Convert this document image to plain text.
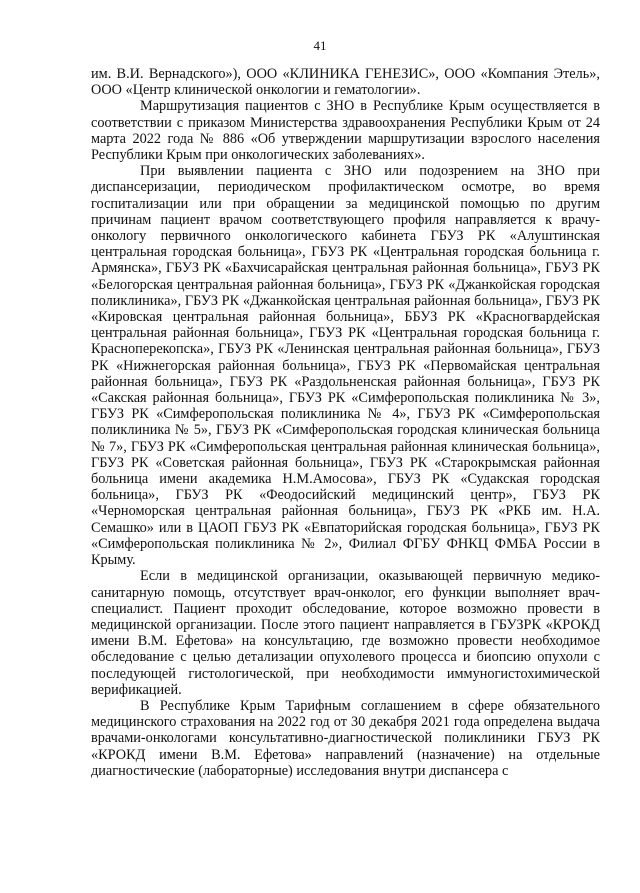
41

им. В.И. Вернадского»), ООО «КЛИНИКА ГЕНЕЗИС», ООО «Компания Этель», ООО «Центр клинической онкологии и гематологии».

Маршрутизация пациентов с ЗНО в Республике Крым осуществляется в соответствии с приказом Министерства здравоохранения Республики Крым от 24 марта 2022 года № 886 «Об утверждении маршрутизации взрослого населения Республики Крым при онкологических заболеваниях».

При выявлении пациента с ЗНО или подозрением на ЗНО при диспансеризации, периодическом профилактическом осмотре, во время госпитализации или при обращении за медицинской помощью по другим причинам пациент врачом соответствующего профиля направляется к врачу-онкологу первичного онкологического кабинета ГБУЗ РК «Алуштинская центральная городская больница», ГБУЗ РК «Центральная городская больница г. Армянска», ГБУЗ РК «Бахчисарайская центральная районная больница», ГБУЗ РК «Белогорская центральная районная больница», ГБУЗ РК «Джанкойская городская поликлиника», ГБУЗ РК «Джанкойская центральная районная больница», ГБУЗ РК «Кировская центральная районная больница», ББУЗ РК «Красногвардейская центральная районная больница», ГБУЗ РК «Центральная городская больница г. Красноперекопска», ГБУЗ РК «Ленинская центральная районная больница», ГБУЗ РК «Нижнегорская районная больница», ГБУЗ РК «Первомайская центральная районная больница», ГБУЗ РК «Раздольненская районная больница», ГБУЗ РК «Сакская районная больница», ГБУЗ РК «Симферопольская поликлиника № 3», ГБУЗ РК «Симферопольская поликлиника № 4», ГБУЗ РК «Симферопольская поликлиника № 5», ГБУЗ РК «Симферопольская городская клиническая больница № 7», ГБУЗ РК «Симферопольская центральная районная клиническая больница», ГБУЗ РК «Советская районная больница», ГБУЗ РК «Старокрымская районная больница имени академика Н.М.Амосова», ГБУЗ РК «Судакская городская больница», ГБУЗ РК «Феодосийский медицинский центр», ГБУЗ РК «Черноморская центральная районная больница», ГБУЗ РК «РКБ им. Н.А. Семашко» или в ЦАОП ГБУЗ РК «Евпаторийская городская больница», ГБУЗ РК «Симферопольская поликлиника № 2», Филиал ФГБУ ФНКЦ ФМБА России в Крыму.

Если в медицинской организации, оказывающей первичную медико-санитарную помощь, отсутствует врач-онколог, его функции выполняет врач-специалист. Пациент проходит обследование, которое возможно провести в медицинской организации. После этого пациент направляется в ГБУЗРК «КРОКД имени В.М. Ефетова» на консультацию, где возможно провести необходимое обследование с целью детализации опухолевого процесса и биопсию опухоли с последующей гистологической, при необходимости иммуногистохимической верификацией.

В Республике Крым Тарифным соглашением в сфере обязательного медицинского страхования на 2022 год от 30 декабря 2021 года определена выдача врачами-онкологами консультативно-диагностической поликлиники ГБУЗ РК «КРОКД имени В.М. Ефетова» направлений (назначение) на отдельные диагностические (лабораторные) исследования внутри диспансера с
